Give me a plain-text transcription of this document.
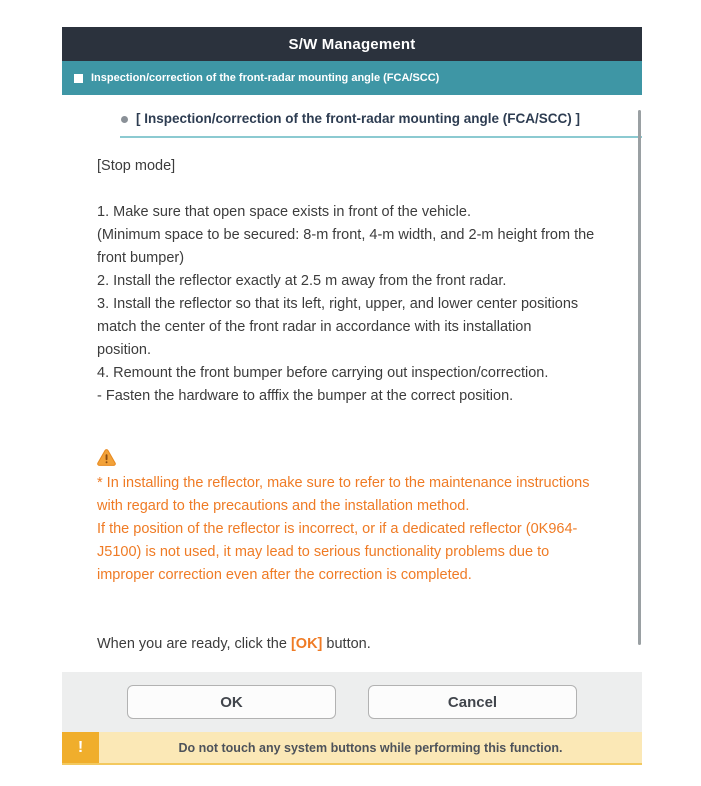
S/W Management
Inspection/correction of the front-radar mounting angle (FCA/SCC)
[ Inspection/correction of the front-radar mounting angle (FCA/SCC) ]
[Stop mode]

1. Make sure that open space exists in front of the vehicle.
(Minimum space to be secured: 8-m front, 4-m width, and 2-m height from the
front bumper)
2. Install the reflector exactly at 2.5 m away from the front radar.
3. Install the reflector so that its left, right, upper, and lower center positions
match the center of the front radar in accordance with its installation
position.
4. Remount the front bumper before carrying out inspection/correction.
- Fasten the hardware to afffix the bumper at the correct position.
* In installing the reflector, make sure to refer to the maintenance instructions
with regard to the precautions and the installation method.
If the position of the reflector is incorrect, or if a dedicated reflector (0K964-
J5100) is not used, it may lead to serious functionality problems due to
improper correction even after the correction is completed.
When you are ready, click the [OK] button.
OK	Cancel
!	Do not touch any system buttons while performing this function.
